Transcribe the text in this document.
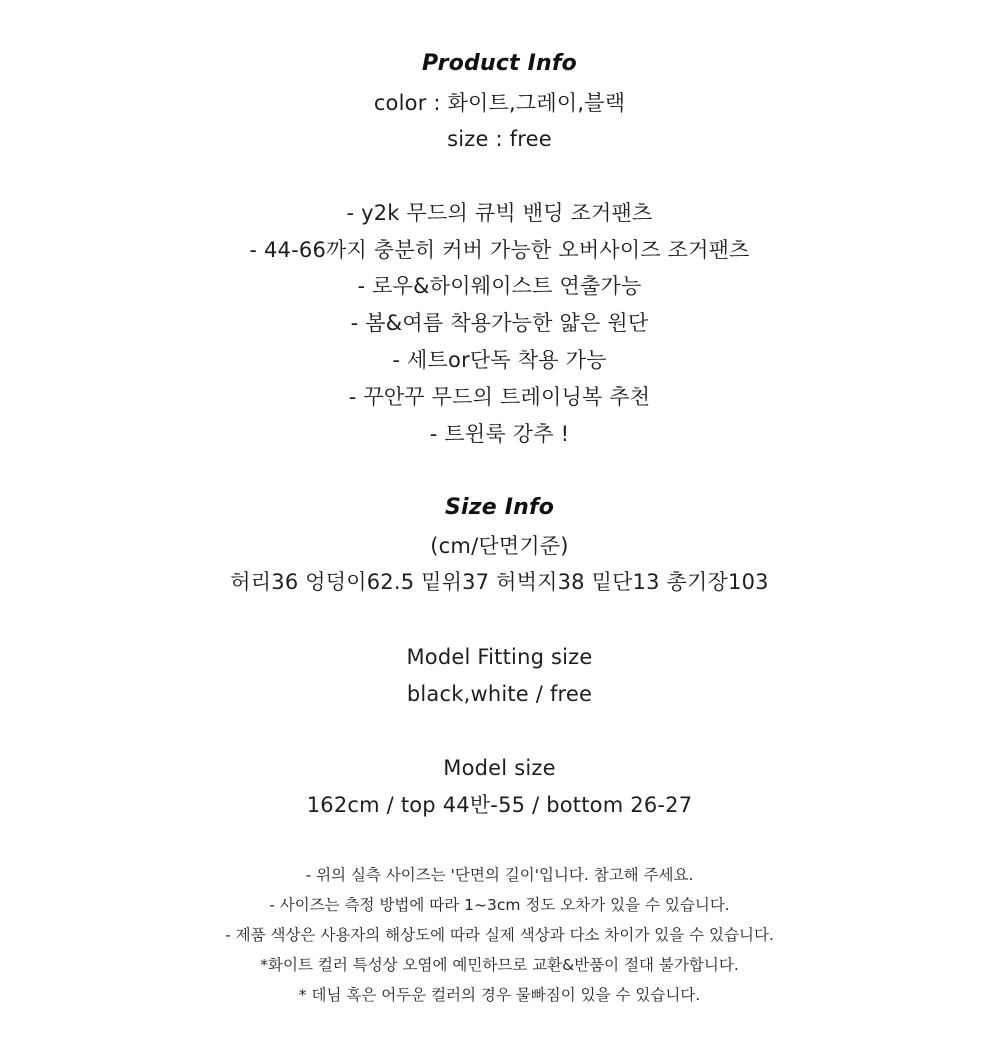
Product Info
color : 화이트,그레이,블랙
size : free
- y2k 무드의 큐빅 밴딩 조거팬츠
- 44-66까지 충분히 커버 가능한 오버사이즈 조거팬츠
- 로우&하이웨이스트 연출가능
- 봄&여름 착용가능한 얇은 원단
- 세트or단독 착용 가능
- 꾸안꾸 무드의 트레이닝복 추천
- 트윈룩 강추 !
Size Info
(cm/단면기준)
허리36 엉덩이62.5 밑위37 허벅지38 밑단13 총기장103
Model Fitting size
black,white / free
Model size
162cm / top 44반-55 / bottom 26-27
- 위의 실측 사이즈는 '단면의 길이'입니다. 참고해 주세요.
- 사이즈는 측정 방법에 따라 1~3cm 정도 오차가 있을 수 있습니다.
- 제품 색상은 사용자의 해상도에 따라 실제 색상과 다소 차이가 있을 수 있습니다.
*화이트 컬러 특성상 오염에 예민하므로 교환&반품이 절대 불가합니다.
* 데님 혹은 어두운 컬러의 경우 물빠짐이 있을 수 있습니다.
